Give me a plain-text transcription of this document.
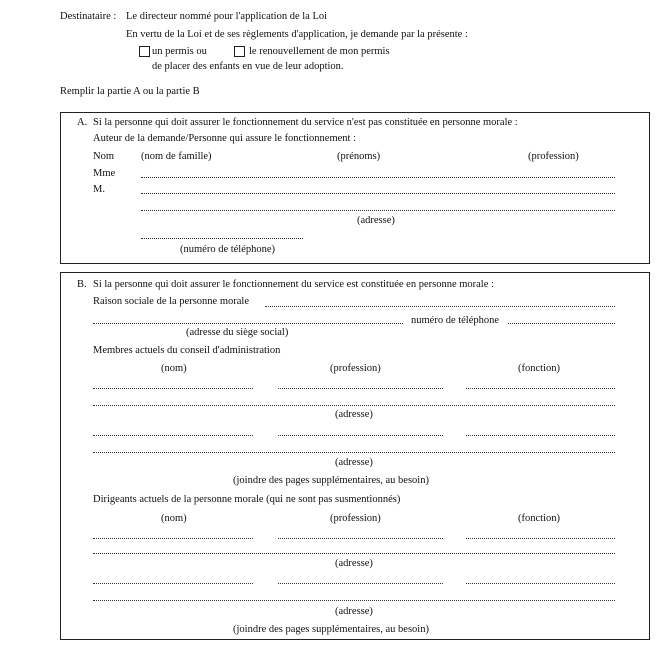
Destinataire : Le directeur nommé pour l'application de la Loi
En vertu de la Loi et de ses règlements d'application, je demande par la présente :
un permis ou	le renouvellement de mon permis
de placer des enfants en vue de leur adoption.
Remplir la partie A ou la partie B
A. Si la personne qui doit assurer le fonctionnement du service n'est pas constituée en personne morale :
Auteur de la demande/Personne qui assure le fonctionnement :
Nom	(nom de famille)	(prénoms)	(profession)
Mme
M.
(adresse)
(numéro de téléphone)
B. Si la personne qui doit assurer le fonctionnement du service est constituée en personne morale :
Raison sociale de la personne morale
numéro de téléphone
(adresse du siège social)
Membres actuels du conseil d'administration
(nom)	(profession)	(fonction)
(adresse)
(adresse)
(joindre des pages supplémentaires, au besoin)
Dirigeants actuels de la personne morale (qui ne sont pas susmentionnés)
(nom)	(profession)	(fonction)
(adresse)
(adresse)
(joindre des pages supplémentaires, au besoin)
